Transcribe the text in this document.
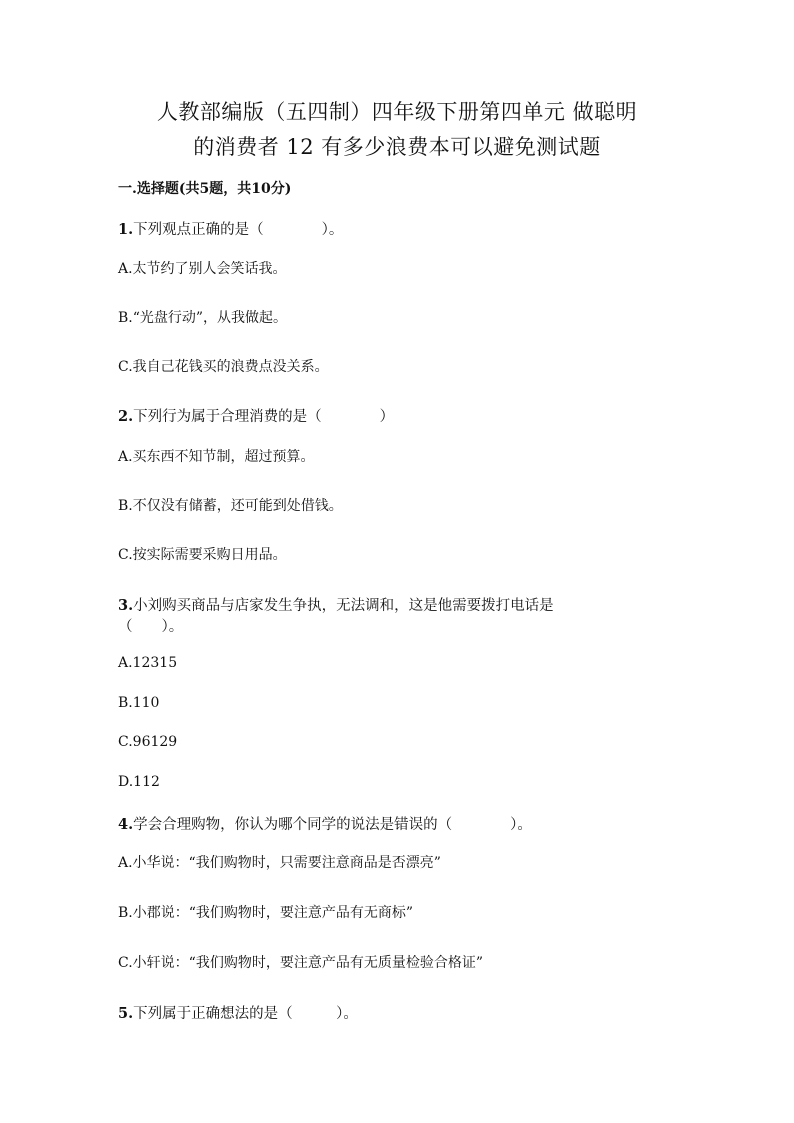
人教部编版（五四制）四年级下册第四单元 做聪明
的消费者 12 有多少浪费本可以避免测试题
一.选择题(共5题，共10分)
1.下列观点正确的是（　　　　）。
A.太节约了别人会笑话我。
B.“光盘行动”，从我做起。
C.我自己花钱买的浪费点没关系。
2.下列行为属于合理消费的是（　　　　）
A.买东西不知节制，超过预算。
B.不仅没有储蓄，还可能到处借钱。
C.按实际需要采购日用品。
3.小刘购买商品与店家发生争执，无法调和，这是他需要拨打电话是
（　　）。
A.12315
B.110
C.96129
D.112
4.学会合理购物，你认为哪个同学的说法是错误的（　　　　）。
A.小华说：“我们购物时，只需要注意商品是否漂亮”
B.小郡说：“我们购物时，要注意产品有无商标”
C.小轩说：“我们购物时，要注意产品有无质量检验合格证”
5.下列属于正确想法的是（　　　）。
